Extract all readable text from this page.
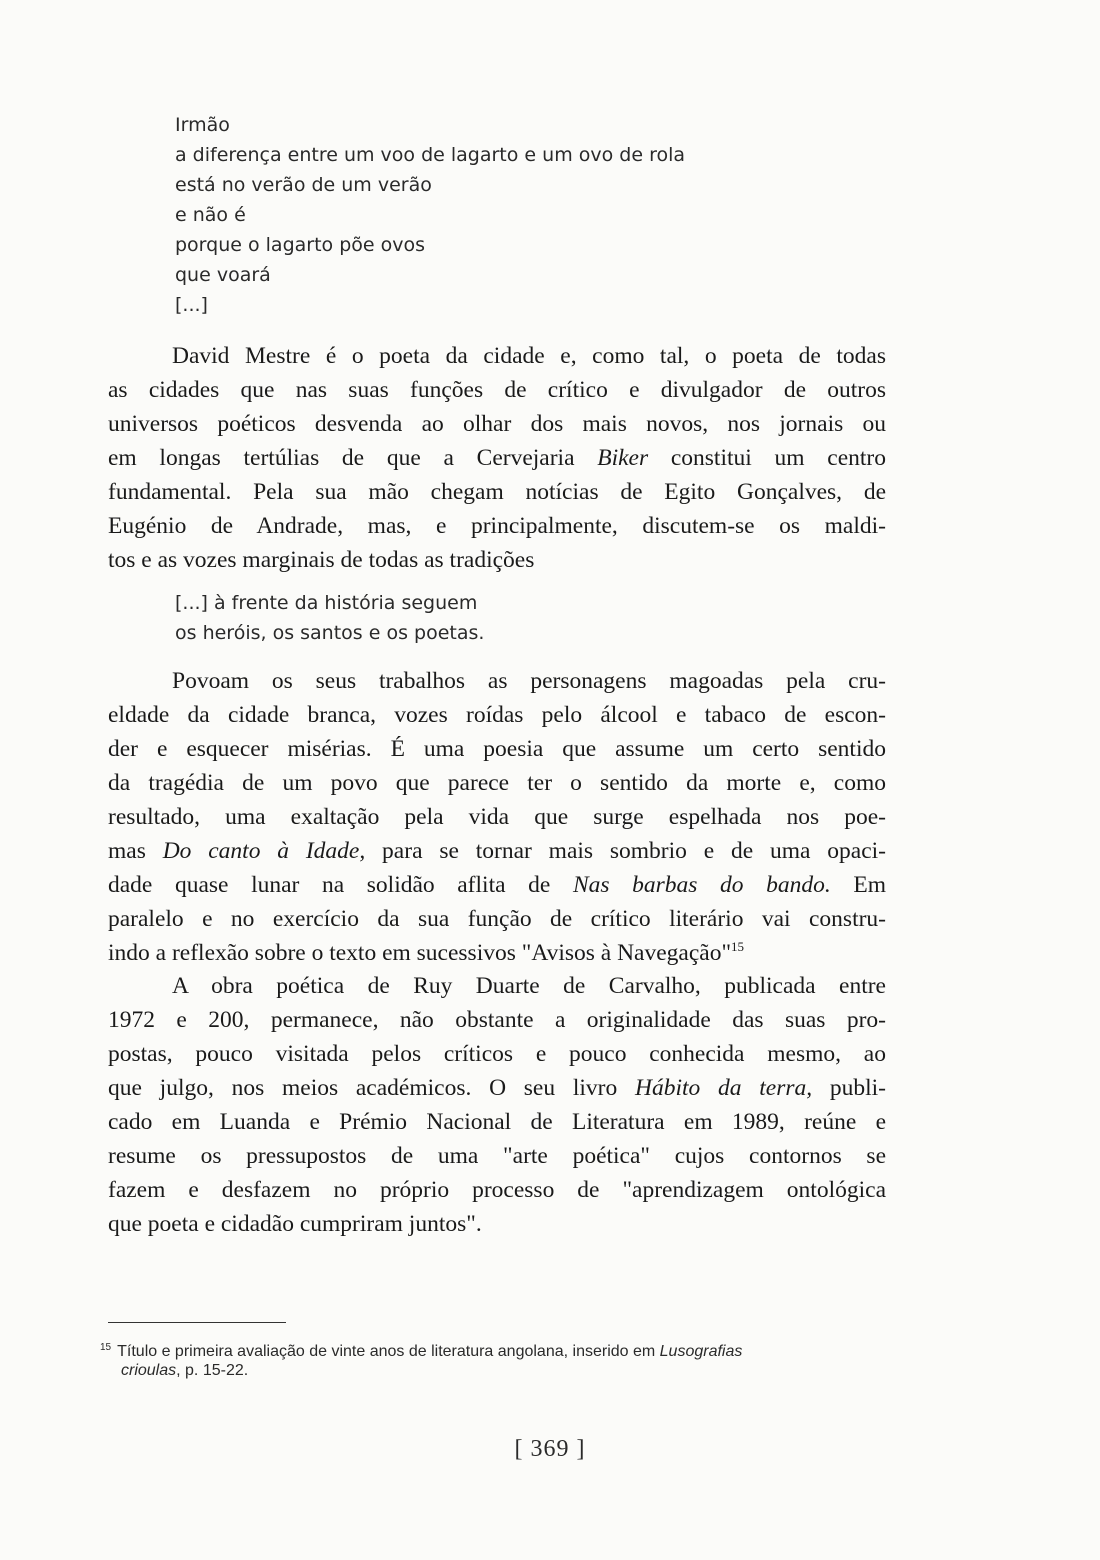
Irmão
a diferença entre um voo de lagarto e um ovo de rola
está no verão de um verão
e não é
porque o lagarto põe ovos
que voará
[...]
David Mestre é o poeta da cidade e, como tal, o poeta de todas
as cidades que nas suas funções de crítico e divulgador de outros
universos poéticos desvenda ao olhar dos mais novos, nos jornais ou
em longas tertúlias de que a Cervejaria Biker constitui um centro
fundamental. Pela sua mão chegam notícias de Egito Gonçalves, de
Eugénio de Andrade, mas, e principalmente, discutem-se os maldi-
tos e as vozes marginais de todas as tradições
[...] à frente da história seguem
os heróis, os santos e os poetas.
Povoam os seus trabalhos as personagens magoadas pela cru-
eldade da cidade branca, vozes roídas pelo álcool e tabaco de escon-
der e esquecer misérias. É uma poesia que assume um certo sentido
da tragédia de um povo que parece ter o sentido da morte e, como
resultado, uma exaltação pela vida que surge espelhada nos poe-
mas Do canto à Idade, para se tornar mais sombrio e de uma opaci-
dade quase lunar na solidão aflita de Nas barbas do bando. Em
paralelo e no exercício da sua função de crítico literário vai constru-
indo a reflexão sobre o texto em sucessivos "Avisos à Navegação"$^{15}$
A obra poética de Ruy Duarte de Carvalho, publicada entre
1972 e 200, permanece, não obstante a originalidade das suas pro-
postas, pouco visitada pelos críticos e pouco conhecida mesmo, ao
que julgo, nos meios académicos. O seu livro Hábito da terra, publi-
cado em Luanda e Prémio Nacional de Literatura em 1989, reúne e
resume os pressupostos de uma "arte poética" cujos contornos se
fazem e desfazem no próprio processo de "aprendizagem ontológica
que poeta e cidadão cumpriram juntos".
$^{15}$ Título e primeira avaliação de vinte anos de literatura angolana, inserido em Lusografias
crioulas, p. 15-22.
[ 369 ]
